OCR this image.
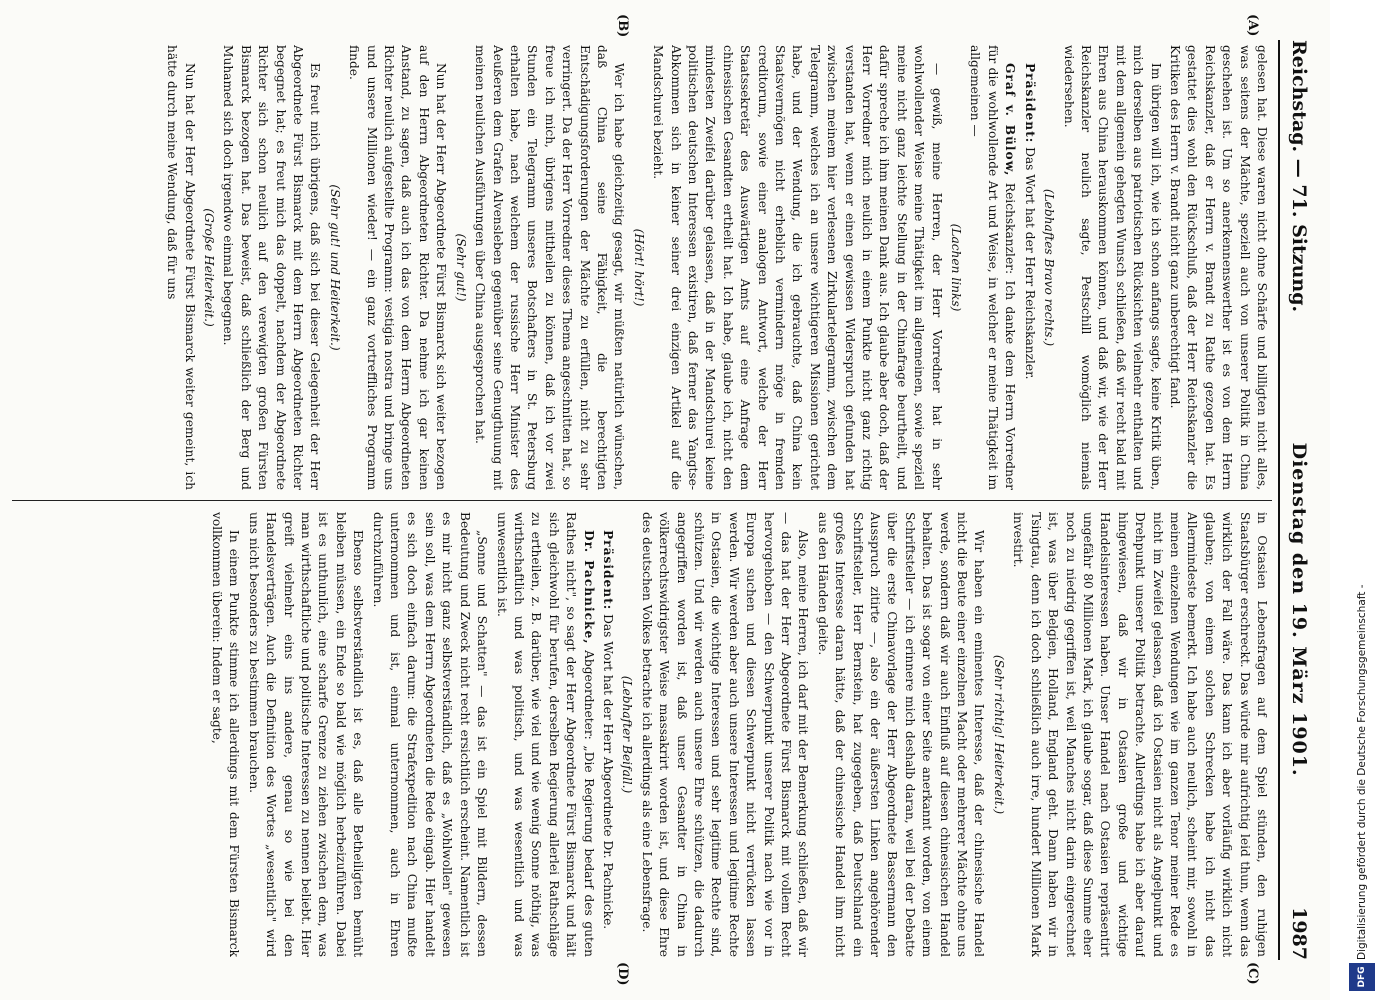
Reichstag. — 71. Sitzung.
Dienstag den 19. März 1901.
1987
(A)
(B)
(C)
(D)

gelesen hat. Diese waren nicht ohne Schärfe und billigten nicht alles, was seitens der Mächte, speziell auch von unserer Politik in China geschehen ist. Um so anerkennenswerther ist es von dem Herrn Reichskanzler, daß er Herrn v. Brandt zu Rathe gezogen hat. Es gestattet dies wohl den Rückschluß, daß der Herr Reichskanzler die Kritiken des Herrn v. Brandt nicht ganz unberechtigt fand.

Im übrigen will ich, wie ich schon anfangs sagte, keine Kritik üben, mich derselben aus patriotischen Rücksichten vielmehr enthalten und mit dem allgemein gehegten Wunsch schließen, daß wir recht bald mit Ehren aus China herauskommen können, und daß wir, wie der Herr Reichskanzler neulich sagte, Pestschill womöglich niemals wiedersehen.

(Lebhaftes Bravo rechts.)

Präsident: Das Wort hat der Herr Reichskanzler.

Graf v. Bülow, Reichskanzler: Ich danke dem Herrn Vorredner für die wohlwollende Art und Weise, in welcher er meine Thätigkeit im allgemeinen —

(Lachen links)

— gewiß, meine Herren, der Herr Vorredner hat in sehr wohlwollender Weise meine Thätigkeit im allgemeinen, sowie speziell meine nicht ganz leichte Stellung in der Chinafrage beurtheilt, und dafür spreche ich ihm meinen Dank aus. Ich glaube aber doch, daß der Herr Vorredner mich neulich in einem Punkte nicht ganz richtig verstanden hat, wenn er einen gewissen Widerspruch gefunden hat zwischen meinem hier verlesenen Zirkulartelegramm, zwischen dem Telegramm, welches ich an unsere wichtigeren Missionen gerichtet habe, und der Wendung, die ich gebrauchte, daß China kein Staatsvermögen nicht erheblich vermindern möge in fremden creditorum, sowie einer analogen Antwort, welche der Herr Staatssekretär des Auswärtigen Amts auf eine Anfrage dem chinesischen Gesandten ertheilt hat. Ich habe, glaube ich, nicht den mindesten Zweifel darüber gelassen, daß in der Mandschurei keine politischen deutschen Interessen existiren, daß ferner das Yangtse-Abkommen sich in keiner seiner drei einzigen Artikel auf die Mandschurei bezieht.

(Hört! hört!)

Wer ich habe gleichzeitig gesagt, wir müßten natürlich wünschen, daß China seine Fähigkeit, die berechtigten Entschädigungsforderungen der Mächte zu erfüllen, nicht zu sehr verringert. Da der Herr Vorredner dieses Thema angeschnitten hat, so freue ich mich, übrigens mittheilen zu können, daß ich vor zwei Stunden ein Telegramm unseres Botschafters in St. Petersburg erhalten habe, nach welchem der russische Herr Minister des Aeußeren dem Grafen Alvensleben gegenüber seine Genugthuung mit meinen neulichen Ausführungen über China ausgesprochen hat.

(Sehr gut!)

Nun hat der Herr Abgeordnete Fürst Bismarck sich weiter bezogen auf den Herrn Abgeordneten Richter. Da nehme ich gar keinen Anstand, zu sagen, daß auch ich das von dem Herrn Abgeordneten Richter neulich aufgestellte Programm: vestigia nostra und bringe uns und unsere Millionen wieder! — ein ganz vortreffliches Programm finde.

(Sehr gut! und Heiterkeit.)

Es freut mich übrigens, daß sich bei dieser Gelegenheit der Herr Abgeordnete Fürst Bismarck mit dem Herrn Abgeordneten Richter begegnet hat; es freut mich das doppelt, nachdem der Abgeordnete Richter sich schon neulich auf den verewigten großen Fürsten Bismarck bezogen hat. Das beweist, daß schließlich der Berg und Muhamed sich doch irgendwo einmal begegnen.

(Große Heiterkeit.)

Nun hat der Herr Abgeordnete Fürst Bismarck weiter gemeint, ich hätte durch meine Wendung, daß für uns

in Ostasien Lebensfragen auf dem Spiel stünden, den ruhigen Staatsbürger erschreckt. Das würde mir aufrichtig leid thun, wenn das wirklich der Fall wäre. Das kann ich aber vorläufig wirklich nicht glauben; von einem solchen Schrecken habe ich nicht das Allermindeste bemerkt. Ich habe auch neulich, scheint mir, sowohl in meinen einzelnen Wendungen wie im ganzen Tenor meiner Rede es nicht im Zweifel gelassen, daß ich Ostasien nicht als Angelpunkt und Drehpunkt unserer Politik betrachte. Allerdings habe ich aber darauf hingewiesen, daß wir in Ostasien große und wichtige Handelsinteressen haben. Unser Handel nach Ostasien repräsentirt ungefähr 80 Millionen Mark, ich glaube sogar, daß diese Summe eher noch zu niedrig gegriffen ist, weil Manches nicht darin eingerechnet ist, was über Belgien, Holland, England geht. Dann haben wir in Tsingtau, denn ich doch schließlich auch irre, hundert Millionen Mark investirt.

(Sehr richtig! Heiterkeit.)

Wir haben ein eminentes Interesse, daß der chinesische Handel nicht die Beute einer einzelnen Macht oder mehrerer Mächte ohne uns werde, sondern daß wir auch Einfluß auf diesen chinesischen Handel behalten. Das ist sogar von einer Seite anerkannt worden, von einem Schriftsteller — ich erinnere mich deshalb daran, weil bei der Debatte über die erste Chinavorlage der Herr Abgeordnete Bassermann den Ausspruch zitirte —, also ein der äußersten Linken angehörender Schriftsteller, Herr Bernstein, hat zugegeben, daß Deutschland ein großes Interesse daran hätte, daß der chinesische Handel ihm nicht aus den Händen gleite.

Also, meine Herren, ich darf mit der Bemerkung schließen, daß wir — das hat der Herr Abgeordnete Fürst Bismarck mit vollem Recht hervorgehoben — den Schwerpunkt unserer Politik nach wie vor in Europa suchen und diesen Schwerpunkt nicht verrücken lassen werden. Wir werden aber auch unsere Interessen und legitime Rechte in Ostasien, die wichtige Interessen und sehr legitime Rechte sind, schützen. Und wir werden auch unsere Ehre schützen, die dadurch angegriffen worden ist, daß unser Gesandter in China in völkerrechtswidrigster Weise massakrirt worden ist, und diese Ehre des deutschen Volkes betrachte ich allerdings als eine Lebensfrage.

(Lebhafter Beifall.)

Präsident: Das Wort hat der Herr Abgeordnete Dr. Pachnicke.

Dr. Pachnicke, Abgeordneter: „Die Regierung bedarf des guten Rathes nicht", so sagt der Herr Abgeordnete Fürst Bismarck und hält sich gleichwohl für berufen, derselben Regierung allerlei Rathschläge zu ertheilen, z. B. darüber, wie viel und wie wenig Sonne nöthig, was wirthschaftlich und was politisch, und was wesentlich und was unwesentlich ist.

„Sonne und Schatten" — das ist ein Spiel mit Bildern, dessen Bedeutung und Zweck nicht recht ersichtlich erscheint. Namentlich ist es mir nicht ganz selbstverständlich, daß es „Wohlwollen" gewesen sein soll, was dem Herrn Abgeordneten die Rede eingab. Hier handelt es sich doch einfach darum: die Strafexpedition nach China mußte unternommen und ist, einmal unternommen, auch in Ehren durchzuführen.

Ebenso selbstverständlich ist es, daß alle Betheiligten bemüht bleiben müssen, ein Ende so bald wie möglich herbeizuführen. Dabei ist es unthunlich, eine scharfe Grenze zu ziehen zwischen dem, was man wirthschaftliche und politische Interessen zu nennen beliebt. Hier greift vielmehr eins ins andere, genau so wie bei den Handelsverträgen. Auch die Definition des Wortes „wesentlich" wird uns nicht besonders zu bestimmen brauchen.

In einem Punkte stimme ich allerdings mit dem Fürsten Bismarck vollkommen überein: Indem er sagte,	Digitalisierung gefördert durch die Deutsche Forschungsgemeinschaft -
DFG
